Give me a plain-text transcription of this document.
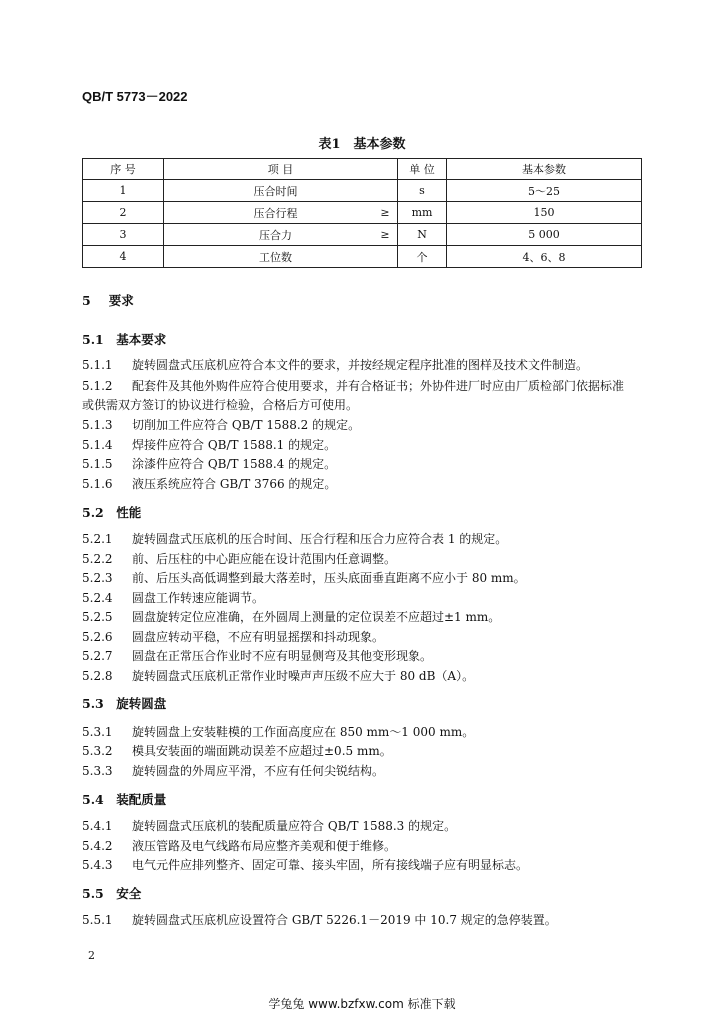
QB/T 5773－2022
表1　基本参数
序 号	项 目		单 位	基本参数
1	压合时间		s	5～25
2	压合行程	≥	mm	150
3	压合力	≥	N	5 000
4	工位数		个	4、6、8
5 要求
5.1　基本要求
5.1.1 旋转圆盘式压底机应符合本文件的要求，并按经规定程序批准的图样及技术文件制造。
5.1.2 配套件及其他外购件应符合使用要求，并有合格证书；外协件进厂时应由厂质检部门依据标准
或供需双方签订的协议进行检验，合格后方可使用。
5.1.3 切削加工件应符合 QB/T 1588.2 的规定。
5.1.4 焊接件应符合 QB/T 1588.1 的规定。
5.1.5 涂漆件应符合 QB/T 1588.4 的规定。
5.1.6 液压系统应符合 GB/T 3766 的规定。
5.2　性能
5.2.1 旋转圆盘式压底机的压合时间、压合行程和压合力应符合表 1 的规定。
5.2.2 前、后压柱的中心距应能在设计范围内任意调整。
5.2.3 前、后压头高低调整到最大落差时，压头底面垂直距离不应小于 80 mm。
5.2.4 圆盘工作转速应能调节。
5.2.5 圆盘旋转定位应准确，在外圆周上测量的定位误差不应超过±1 mm。
5.2.6 圆盘应转动平稳，不应有明显摇摆和抖动现象。
5.2.7 圆盘在正常压合作业时不应有明显侧弯及其他变形现象。
5.2.8 旋转圆盘式压底机正常作业时噪声声压级不应大于 80 dB（A）。
5.3　旋转圆盘
5.3.1 旋转圆盘上安装鞋模的工作面高度应在 850 mm～1 000 mm。
5.3.2 模具安装面的端面跳动误差不应超过±0.5 mm。
5.3.3 旋转圆盘的外周应平滑，不应有任何尖锐结构。
5.4　装配质量
5.4.1 旋转圆盘式压底机的装配质量应符合 QB/T 1588.3 的规定。
5.4.2 液压管路及电气线路布局应整齐美观和便于维修。
5.4.3 电气元件应排列整齐、固定可靠、接头牢固，所有接线端子应有明显标志。
5.5　安全
5.5.1 旋转圆盘式压底机应设置符合 GB/T 5226.1－2019 中 10.7 规定的急停装置。
2
学兔兔 www.bzfxw.com 标准下载
